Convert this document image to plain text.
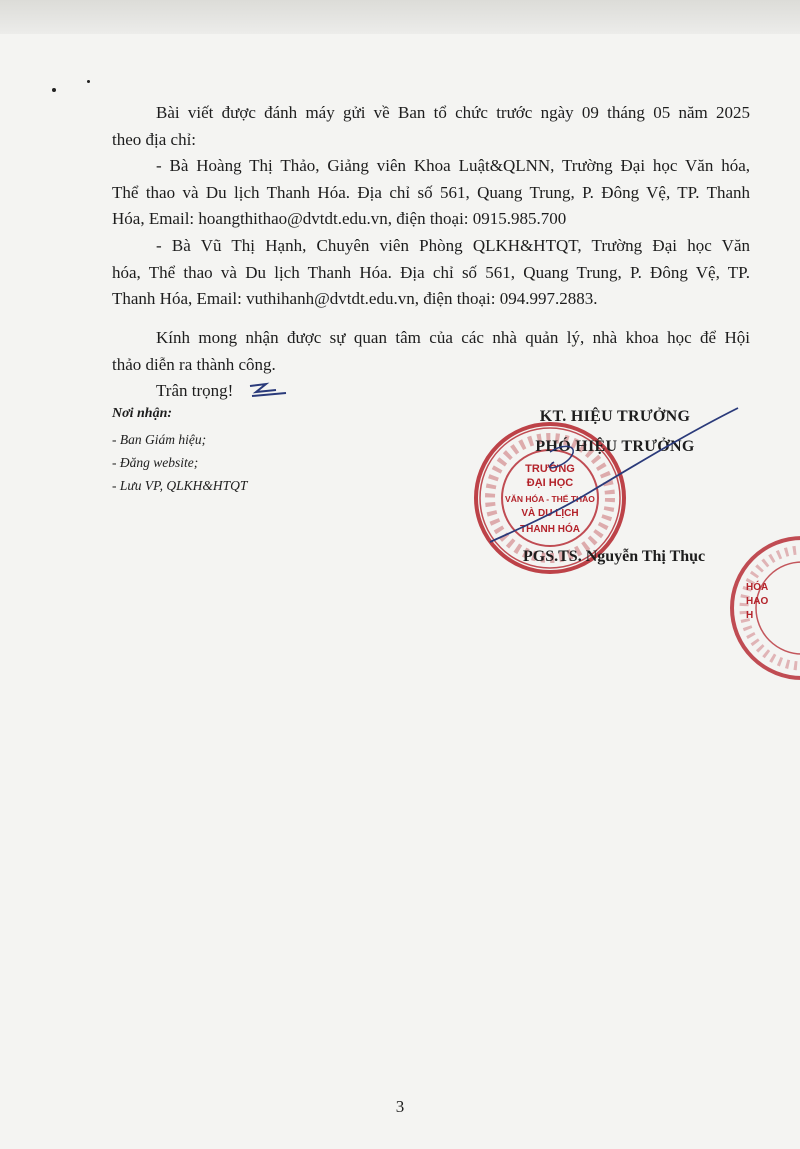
Bài viết được đánh máy gửi về Ban tổ chức trước ngày 09 tháng 05 năm 2025
theo địa chỉ:
- Bà Hoàng Thị Thảo, Giảng viên Khoa Luật&QLNN, Trường Đại học Văn hóa,
Thể thao và Du lịch Thanh Hóa. Địa chỉ số 561, Quang Trung, P. Đông Vệ, TP. Thanh
Hóa, Email: hoangthithao@dvtdt.edu.vn, điện thoại: 0915.985.700
- Bà Vũ Thị Hạnh, Chuyên viên Phòng QLKH&HTQT, Trường Đại học Văn
hóa, Thể thao và Du lịch Thanh Hóa. Địa chỉ số 561, Quang Trung, P. Đông Vệ, TP.
Thanh Hóa, Email: vuthihanh@dvtdt.edu.vn, điện thoại: 094.997.2883.
Kính mong nhận được sự quan tâm của các nhà quản lý, nhà khoa học để Hội
thảo diễn ra thành công.
Trân trọng!
Nơi nhận:
- Ban Giám hiệu;
- Đăng website;
- Lưu VP, QLKH&HTQT
TRƯỜNG
ĐẠI HỌC
VĂN HÓA - THỂ THAO
VÀ DU LỊCH
THANH HÓA
HÓA
HAO
H
KT. HIỆU TRƯỞNG
PHÓ HIỆU TRƯỞNG
PGS.TS. Nguyễn Thị Thục
3
